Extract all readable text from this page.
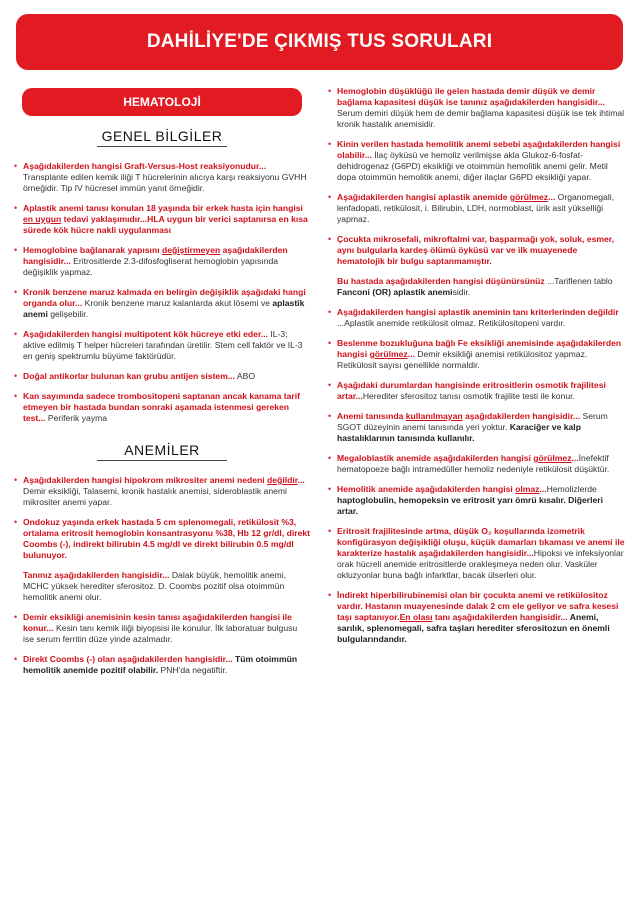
DAHİLİYE'DE ÇIKMIŞ TUS SORULARI
HEMATOLOJİ
GENEL BİLGİLER
• Aşağıdakilerden hangisi Graft-Versus-Host reaksiyonudur... Transplante edilen kemik iliği T hücrelerinin alıcıya karşı reaksiyonu GVHH örneğidir. Tip IV hücresel immün yanıt örneğidir.
• Aplastik anemi tanısı konulan 18 yaşında bir erkek hasta için hangisi en uygun tedavi yaklaşımıdır...HLA uygun bir verici saptanırsa en kısa sürede kök hücre nakli uygulanması
• Hemoglobine bağlanarak yapısını değiştirmeyen aşağıdakilerden hangisidir... Eritrositlerde 2.3-difosfogliserat hemoglobin yapısında değişiklik yapmaz.
• Kronik benzene maruz kalmada en belirgin değişiklik aşağıdaki hangi organda olur... Kronik benzene maruz kalanlarda akut lösemi ve aplastik anemi gelişebilir.
• Aşağıdakilerden hangisi multipotent kök hücreye etki eder... IL-3; aktive edilmiş T helper hücreleri tarafından üretilir. Stem cell faktör ve IL-3 en geniş spektrumlu büyüme faktörüdür.
• Doğal antikorlar bulunan kan grubu antijen sistem... ABO
• Kan sayımında sadece trombositopeni saptanan ancak kanama tarif etmeyen bir hastada bundan sonraki aşamada istenmesi gereken test... Periferik yayma
ANEMİLER
• Aşağıdakilerden hangisi hipokrom mikrositer anemi nedeni değildir... Demir eksikliği, Talasemi, kronik hastalık anemisi, sideroblastik anemi mikrositer anemi yapar.
• Ondokuz yaşında erkek hastada 5 cm splenomegali, retikülosit %3, ortalama eritrosit hemoglobin konsantrasyonu %38, Hb 12 gr/dl, direkt Coombs (-), indirekt bilirubin 4.5 mg/dl ve direkt bilirubin 0.5 mg/dl bulunuyor.
Tanınız aşağıdakilerden hangisidir... Dalak büyük, hemolitik anemi, MCHC yüksek herediter sferositoz. D. Coombs pozitif olsa otoimmün hemolitik anemi olur.
• Demir eksikliği anemisinin kesin tanısı aşağıdakilerden hangisi ile konur... Kesin tanı kemik iliği biyopsisi ile konulur. İlk laboratuar bulgusu ise serum ferritin düze yinde azalmadır.
• Direkt Coombs (-) olan aşağıdakilerden hangisidir... Tüm otoimmün hemolitik anemide pozitif olabilir. PNH'da negatiftir.
• Hemoglobin düşüklüğü ile gelen hastada demir düşük ve demir bağlama kapasitesi düşük ise tanınız aşağıdakilerden hangisidir... Serum demiri düşük hem de demir bağlama kapasitesi düşük ise tek ihtimal kronik hastalık anemisidir.
• Kinin verilen hastada hemolitik anemi sebebi aşağıdakilerden hangisi olabilir... İlaç öyküsü ve hemoliz verilmişse akla Glukoz-6-fosfat-dehidrogenaz (G6PD) eksikliği ve otoimmün hemolitik anemi gelir. Metil dopa otoimmün hemolitik anemi, diğer ilaçlar G6PD eksikliği yapar.
• Aşağıdakilerden hangisi aplastik anemide görülmez... Organomegali, lenfadopati, retikülosit, i. Bilirubin, LDH, normoblast, ürik asit yükselliği yapmaz.
• Çocukta mikrosefali, mikroftalmi var, başparmağı yok, soluk, esmer, aynı bulgularla kardeş ölümü öyküsü var ve ilk muayenede hematolojik bir bulgu saptanmamıştır.
Bu hastada aşağıdakilerden hangisi düşünürsünüz ...Tariflenen tablo Fanconi (OR) aplastik anemisidir.
• Aşağıdakilerden hangisi aplastik aneminin tanı kriterlerinden değildir ...Aplastik anemide retikülosit olmaz. Retikülositopeni vardır.
• Beslenme bozukluğuna bağlı Fe eksikliği anemisinde aşağıdakilerden hangisi görülmez... Demir eksikliği anemisi retikülositoz yapmaz. Retikülosit sayısı genellikle normaldir.
• Aşağıdaki durumlardan hangisinde eritrositlerin osmotik frajilitesi artar...Herediter sferositoz tanısı osmotik frajilite testi ile konur.
• Anemi tanısında kullanılmayan aşağıdakilerden hangisidir... Serum SGOT düzeyinin anemi tanısında yeri yoktur. Karaciğer ve kalp hastalıklarının tanısında kullanılır.
• Megaloblastik anemide aşağıdakilerden hangisi görülmez...İnefektif hematopoeze bağlı intramedüller hemoliz nedeniyle retikülosit düşüktür.
• Hemolitik anemide aşağıdakilerden hangisi olmaz...Hemolizlerde haptoglobulin, hemopeksin ve eritrosit yarı ömrü kısalır. Diğerleri artar.
• Eritrosit frajilitesinde artma, düşük O₂ koşullarında izometrik konfigürasyon değişikliği oluşu, küçük damarları tıkaması ve anemi ile karakterize hastalık aşağıdakilerden hangisidir...Hipoksi ve infeksiyonlar orak hücreli anemide eritrositlerde orakleşmeya neden olur. Vasküler okluzyonlar buna bağlı infarktlar, bacak ülserleri olur.
• İndirekt hiperbilirubinemisi olan bir çocukta anemi ve retikülositoz vardır. Hastanın muayenesinde dalak 2 cm ele geliyor ve safra kesesi taşı saptanıyor.En olası tanı aşağıdakilerden hangisidir... Anemi, sarılık, splenomegali, safra taşları herediter sferositozun en önemli bulgularındandır.
